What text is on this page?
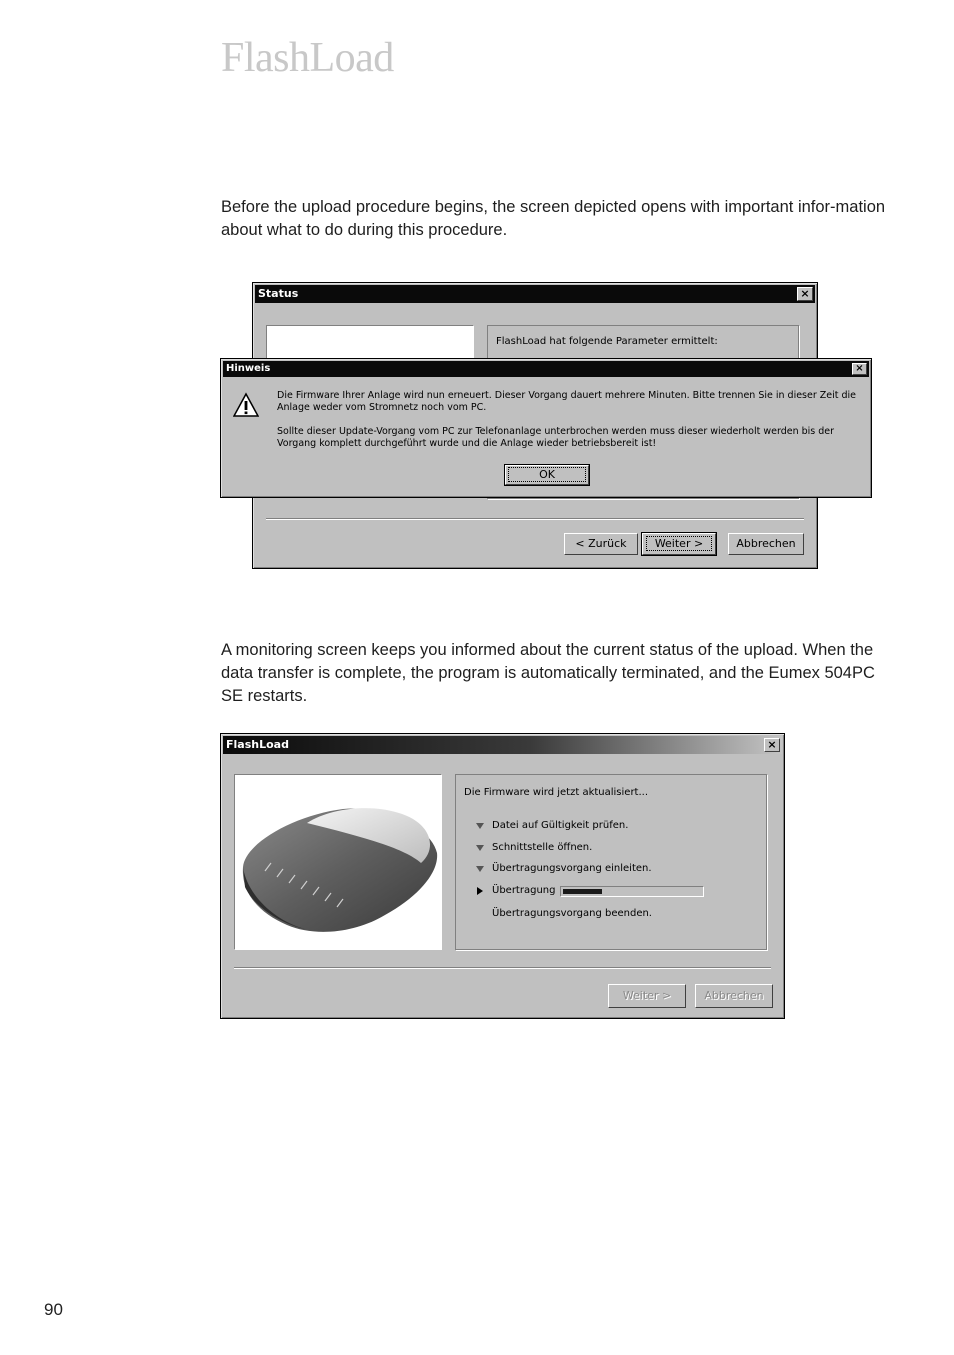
FlashLoad

Before the upload procedure begins, the screen depicted opens with important infor-mation about what to do during this procedure.

Status	×
FlashLoad hat folgende Parameter ermittelt:
< Zurück	Weiter >	Abbrechen
Hinweis	×
Die Firmware Ihrer Anlage wird nun erneuert. Dieser Vorgang dauert mehrere Minuten. Bitte trennen Sie in dieser Zeit die Anlage weder vom Stromnetz noch vom PC.
Sollte dieser Update-Vorgang vom PC zur Telefonanlage unterbrochen werden muss dieser wiederholt werden bis der Vorgang komplett durchgeführt wurde und die Anlage wieder betriebsbereit ist!
OK

A monitoring screen keeps you informed about the current status of the upload. When the data transfer is complete, the program is automatically terminated, and the Eumex 504PC SE restarts.

FlashLoad	×
Die Firmware wird jetzt aktualisiert...
Datei auf Gültigkeit prüfen.
Schnittstelle öffnen.
Übertragungsvorgang einleiten.
Übertragung
Übertragungsvorgang beenden.
Weiter >	Abbrechen
90
